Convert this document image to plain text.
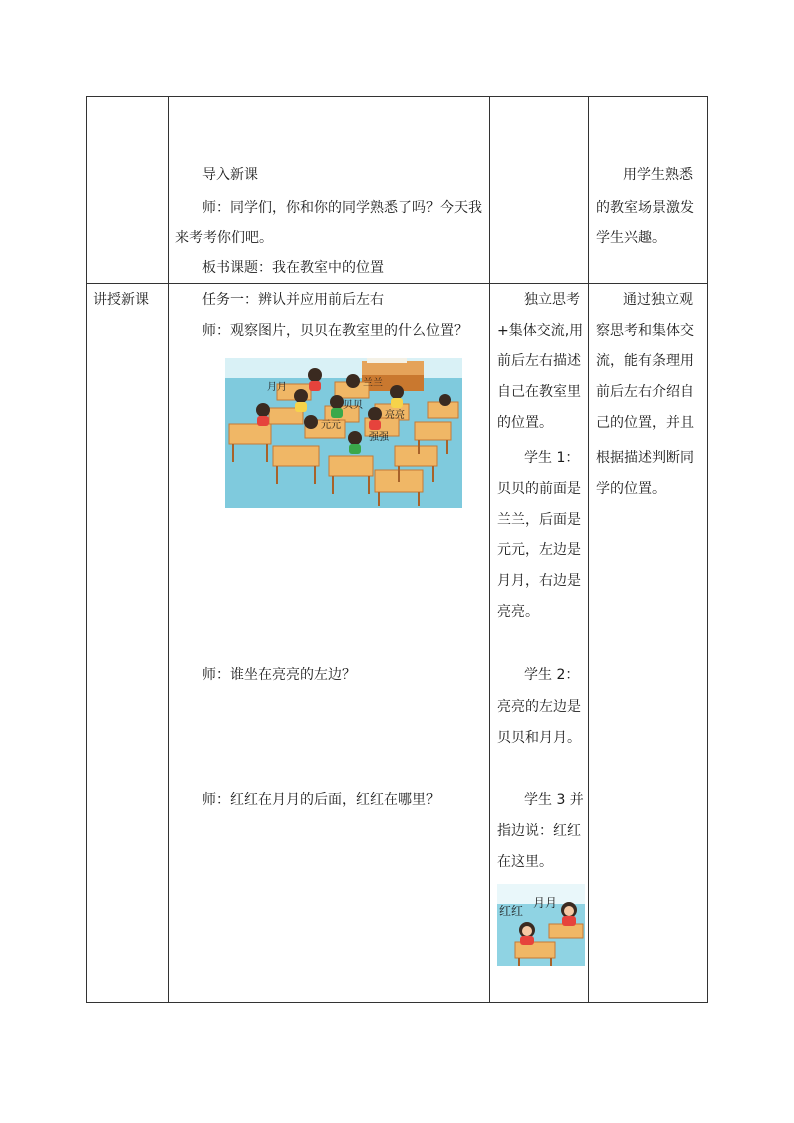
导入新课
师：同学们，你和你的同学熟悉了吗？今天我
来考考你们吧。
板书课题：我在教室中的位置
用学生熟悉
的教室场景激发
学生兴趣。
讲授新课	任务一：辨认并应用前后左右
师：观察图片，贝贝在教室里的什么位置？
月月	兰兰
贝贝
亮亮
元元
强强
师：谁坐在亮亮的左边？
师：红红在月月的后面，红红在哪里？
独立思考
+集体交流,用
前后左右描述
自己在教室里
的位置。
学生 1：
贝贝的前面是
兰兰，后面是
元元，左边是
月月，右边是
亮亮。
学生 2：
亮亮的左边是
贝贝和月月。
学生 3 并
指边说：红红
在这里。
红红
月月
通过独立观
察思考和集体交
流，能有条理用
前后左右介绍自
己的位置，并且
根据描述判断同
学的位置。
